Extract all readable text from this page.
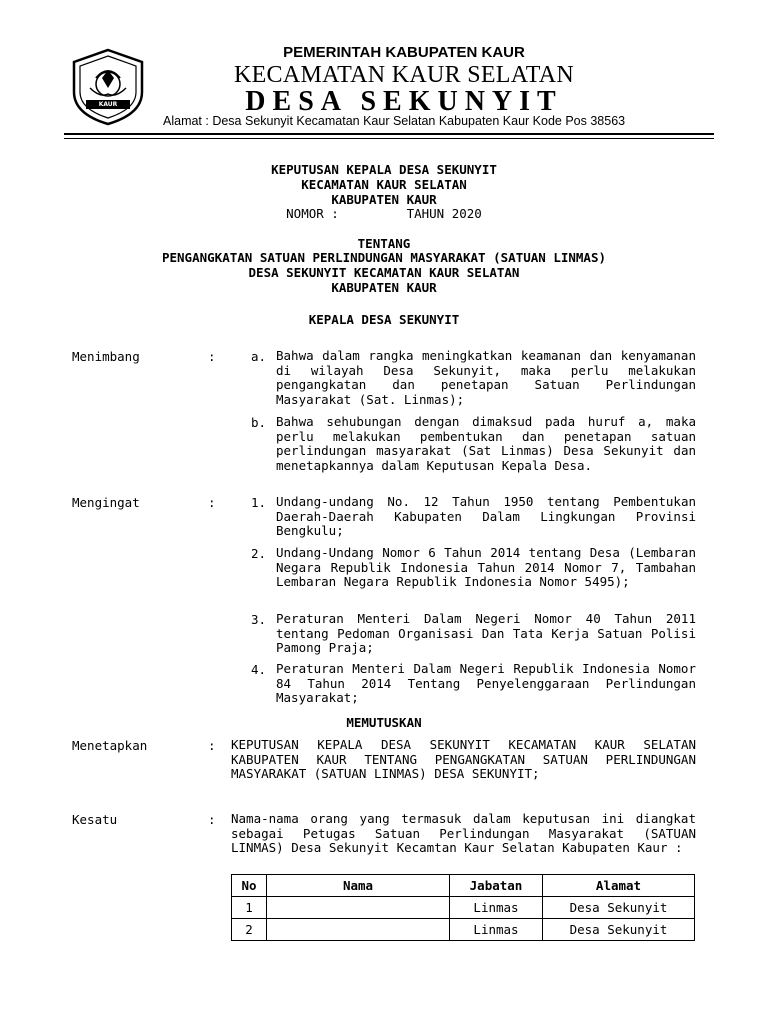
KAUR
PEMERINTAH KABUPATEN KAUR
KECAMATAN KAUR SELATAN
DESA SEKUNYIT
Alamat : Desa Sekunyit Kecamatan Kaur Selatan Kabupaten Kaur Kode Pos 38563
KEPUTUSAN KEPALA DESA SEKUNYIT
KECAMATAN KAUR SELATAN
KABUPATEN KAUR
NOMOR :         TAHUN 2020
TENTANG
PENGANGKATAN SATUAN PERLINDUNGAN MASYARAKAT (SATUAN LINMAS)
DESA SEKUNYIT KECAMATAN KAUR SELATAN
KABUPATEN KAUR
KEPALA DESA SEKUNYIT
Menimbang	:	a. Bahwa dalam rangka meningkatkan keamanan dan kenyamanan di wilayah Desa Sekunyit, maka perlu melakukan pengangkatan dan penetapan Satuan Perlindungan Masyarakat (Sat. Linmas);
b. Bahwa sehubungan dengan dimaksud pada huruf a, maka perlu melakukan pembentukan dan penetapan satuan perlindungan masyarakat (Sat Linmas) Desa Sekunyit dan menetapkannya dalam Keputusan Kepala Desa.
Mengingat	:	1. Undang-undang No. 12 Tahun 1950 tentang Pembentukan Daerah-Daerah Kabupaten Dalam Lingkungan Provinsi Bengkulu;
2. Undang-Undang Nomor 6 Tahun 2014 tentang Desa (Lembaran Negara Republik Indonesia Tahun 2014 Nomor 7, Tambahan Lembaran Negara Republik Indonesia Nomor 5495);
3. Peraturan Menteri Dalam Negeri Nomor 40 Tahun 2011 tentang Pedoman Organisasi Dan Tata Kerja Satuan Polisi Pamong Praja;
4. Peraturan Menteri Dalam Negeri Republik Indonesia Nomor 84 Tahun 2014 Tentang Penyelenggaraan Perlindungan Masyarakat;
MEMUTUSKAN
Menetapkan	: KEPUTUSAN KEPALA DESA SEKUNYIT KECAMATAN KAUR SELATAN KABUPATEN KAUR TENTANG PENGANGKATAN SATUAN PERLINDUNGAN MASYARAKAT (SATUAN LINMAS) DESA SEKUNYIT;
Kesatu	: Nama-nama orang yang termasuk dalam keputusan ini diangkat sebagai Petugas Satuan Perlindungan Masyarakat (SATUAN LINMAS) Desa Sekunyit Kecamtan Kaur Selatan Kabupaten Kaur :
No	Nama	Jabatan	Alamat
1		Linmas	Desa Sekunyit
2		Linmas	Desa Sekunyit
